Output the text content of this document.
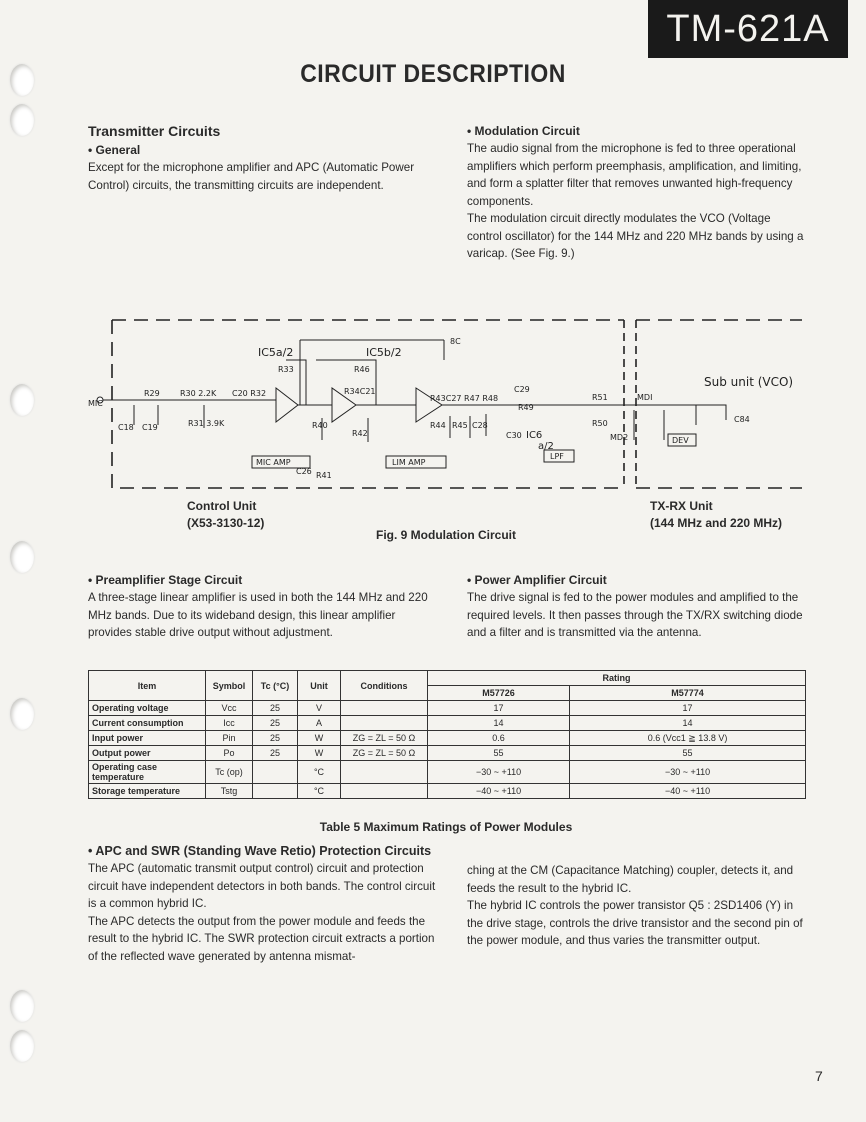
TM-621A
CIRCUIT DESCRIPTION

Transmitter Circuits

• General

Except for the microphone amplifier and APC (Automatic Power Control) circuits, the transmitting circuits are independent.

• Modulation Circuit

The audio signal from the microphone is fed to three operational amplifiers which perform preemphasis, amplification, and limiting, and form a splatter filter that removes unwanted high-frequency components.

The modulation circuit directly modulates the VCO (Voltage control oscillator) for the 144 MHz and 220 MHz bands by using a varicap. (See Fig. 9.)

MIC
IC5a/2	IC5b/2
IC6
a/2
8C
R33	R46
R29	R30 2.2K C20 R32	R34C21
R43C27 R47 R48
C29
R49
R51
R50
MDI
MD2
C84
C18 C19	R31 3.9K	R40
R42
R44 R45 C28
C30
C26 R41
MIC AMP	LIM AMP
LPF
DEV
Sub unit (VCO)
Control Unit
(X53-3130-12)
TX-RX Unit
(144 MHz and 220 MHz)
Fig. 9 Modulation Circuit

• Preamplifier Stage Circuit

A three-stage linear amplifier is used in both the 144 MHz and 220 MHz bands. Due to its wideband design, this linear amplifier provides stable drive output without adjustment.

• Power Amplifier Circuit

The drive signal is fed to the power modules and amplified to the required levels. It then passes through the TX/RX switching diode and a filter and is transmitted via the antenna.

Item	Symbol	Tc (°C)	Unit	Conditions	Rating	
					M57726	M57774
Operating voltage	Vcc	25	V		17	17
Current consumption	Icc	25	A		14	14
Input power	Pin	25	W	ZG = ZL = 50 Ω	0.6	0.6 (Vcc1 ≧ 13.8 V)
Output power	Po	25	W	ZG = ZL = 50 Ω	55	55
Operating case temperature	Tc (op)		°C		−30 ~ +110	−30 ~ +110
Storage temperature	Tstg		°C		−40 ~ +110	−40 ~ +110
Table 5 Maximum Ratings of Power Modules

• APC and SWR (Standing Wave Retio) Protection Circuits

The APC (automatic transmit output control) circuit and protection circuit have independent detectors in both bands. The control circuit is a common hybrid IC.

The APC detects the output from the power module and feeds the result to the hybrid IC. The SWR protection circuit extracts a portion of the reflected wave generated by antenna mismat-

ching at the CM (Capacitance Matching) coupler, detects it, and feeds the result to the hybrid IC.

The hybrid IC controls the power transistor Q5 : 2SD1406 (Y) in the drive stage, controls the drive transistor and the second pin of the power module, and thus varies the transmitter output.

7
